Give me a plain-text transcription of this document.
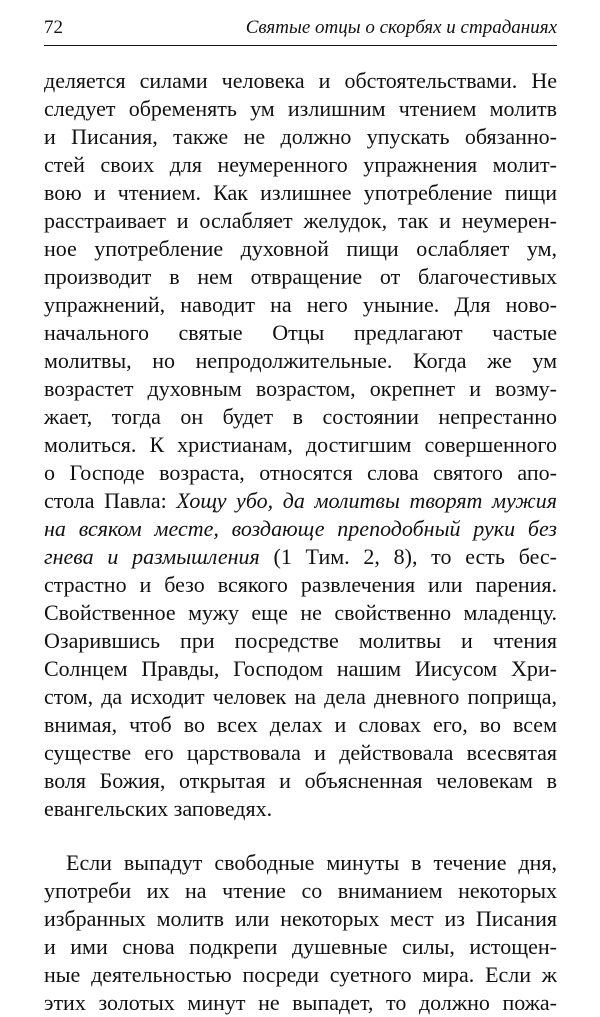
72	Святые отцы о скорбях и страданиях
деляется силами человека и обстоятельствами. Не
следует обременять ум излишним чтением молитв
и Писания, также не должно упускать обязанно-
стей своих для неумеренного упражнения молит-
вою и чтением. Как излишнее употребление пищи
расстраивает и ослабляет желудок, так и неумерен-
ное употребление духовной пищи ослабляет ум,
производит в нем отвращение от благочестивых
упражнений, наводит на него уныние. Для ново-
начального святые Отцы предлагают частые
молитвы, но непродолжительные. Когда же ум
возрастет духовным возрастом, окрепнет и возму-
жает, тогда он будет в состоянии непрестанно
молиться. К христианам, достигшим совершенного
о Господе возраста, относятся слова святого апо-
стола Павла: Хощу убо, да молитвы творят мужия
на всяком месте, воздающе преподобный руки без
гнева и размышления (1 Тим. 2, 8), то есть бес-
страстно и безо всякого развлечения или парения.
Свойственное мужу еще не свойственно младенцу.
Озарившись при посредстве молитвы и чтения
Солнцем Правды, Господом нашим Иисусом Хри-
стом, да исходит человек на дела дневного поприща,
внимая, чтоб во всех делах и словах его, во всем
существе его царствовала и действовала всесвятая
воля Божия, открытая и объясненная человекам в
евангельских заповедях.
Если выпадут свободные минуты в течение дня,
употреби их на чтение со вниманием некоторых
избранных молитв или некоторых мест из Писания
и ими снова подкрепи душевные силы, истощен-
ные деятельностью посреди суетного мира. Если ж
этих золотых минут не выпадет, то должно пожа-
